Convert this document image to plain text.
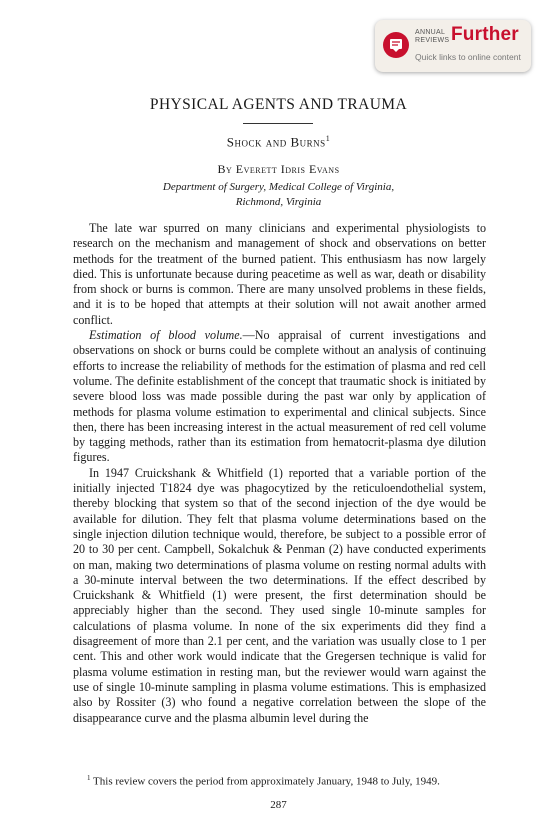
ANNUAL
REVIEWS Further
Quick links to online content
PHYSICAL AGENTS AND TRAUMA
Shock and Burns$^1$
By Everett Idris Evans
Department of Surgery, Medical College of Virginia,
Richmond, Virginia

The late war spurred on many clinicians and experimental physiologists to research on the mechanism and management of shock and observations on better methods for the treatment of the burned patient. This enthusiasm has now largely died. This is unfortunate because during peacetime as well as war, death or disability from shock or burns is common. There are many unsolved problems in these fields, and it is to be hoped that attempts at their solution will not await another armed conflict.

Estimation of blood volume.—No appraisal of current investigations and observations on shock or burns could be complete without an analysis of continuing efforts to increase the reliability of methods for the estimation of plasma and red cell volume. The definite establishment of the concept that traumatic shock is initiated by severe blood loss was made possible during the past war only by application of methods for plasma volume estimation to experimental and clinical subjects. Since then, there has been increasing interest in the actual measurement of red cell volume by tagging methods, rather than its estimation from hematocrit-plasma dye dilution figures.

In 1947 Cruickshank & Whitfield (1) reported that a variable portion of the initially injected T1824 dye was phagocytized by the reticuloendothelial system, thereby blocking that system so that of the second injection of the dye would be available for dilution. They felt that plasma volume determinations based on the single injection dilution technique would, therefore, be subject to a possible error of 20 to 30 per cent. Campbell, Sokalchuk & Penman (2) have conducted experiments on man, making two determinations of plasma volume on resting normal adults with a 30-minute interval between the two determinations. If the effect described by Cruickshank & Whitfield (1) were present, the first determination should be appreciably higher than the second. They used single 10-minute samples for calculations of plasma volume. In none of the six experiments did they find a disagreement of more than 2.1 per cent, and the variation was usually close to 1 per cent. This and other work would indicate that the Gregersen technique is valid for plasma volume estimation in resting man, but the reviewer would warn against the use of single 10-minute sampling in plasma volume estimations. This is emphasized also by Rossiter (3) who found a negative correlation between the slope of the disappearance curve and the plasma albumin level during the

$^1$ This review covers the period from approximately January, 1948 to July, 1949.
287
